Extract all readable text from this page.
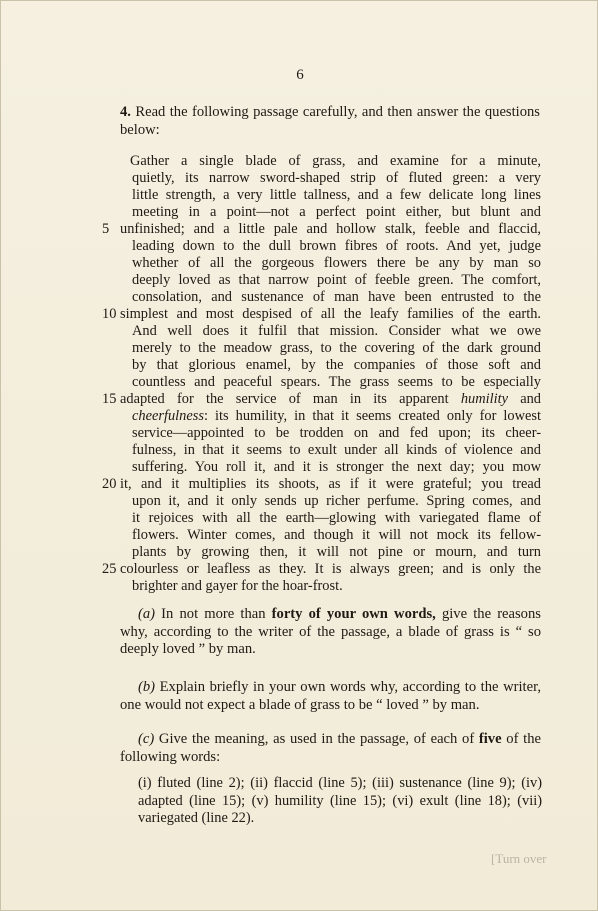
6
4. Read the following passage carefully, and then answer the questions below:
5
10
15
20
25
Gather a single blade of grass, and examine for a minute,
quietly, its narrow sword-shaped strip of fluted green: a very
little strength, a very little tallness, and a few delicate long lines
meeting in a point—not a perfect point either, but blunt and
unfinished; and a little pale and hollow stalk, feeble and flaccid,
leading down to the dull brown fibres of roots. And yet, judge
whether of all the gorgeous flowers there be any by man so
deeply loved as that narrow point of feeble green. The comfort,
consolation, and sustenance of man have been entrusted to the
simplest and most despised of all the leafy families of the earth.
And well does it fulfil that mission. Consider what we owe
merely to the meadow grass, to the covering of the dark ground
by that glorious enamel, by the companies of those soft and
countless and peaceful spears. The grass seems to be especially
adapted for the service of man in its apparent humility and
cheerfulness: its humility, in that it seems created only for lowest
service—appointed to be trodden on and fed upon; its cheer-
fulness, in that it seems to exult under all kinds of violence and
suffering. You roll it, and it is stronger the next day; you mow
it, and it multiplies its shoots, as if it were grateful; you tread
upon it, and it only sends up richer perfume. Spring comes, and
it rejoices with all the earth—glowing with variegated flame of
flowers. Winter comes, and though it will not mock its fellow-
plants by growing then, it will not pine or mourn, and turn
colourless or leafless as they. It is always green; and is only the
brighter and gayer for the hoar-frost.
(a) In not more than forty of your own words, give the reasons why, according to the writer of the passage, a blade of grass is “ so deeply loved ” by man.
(b) Explain briefly in your own words why, according to the writer, one would not expect a blade of grass to be “ loved ” by man.
(c) Give the meaning, as used in the passage, of each of five of the following words:
(i) fluted (line 2); (ii) flaccid (line 5); (iii) sustenance (line 9); (iv) adapted (line 15); (v) humility (line 15); (vi) exult (line 18); (vii) variegated (line 22).
[Turn over
